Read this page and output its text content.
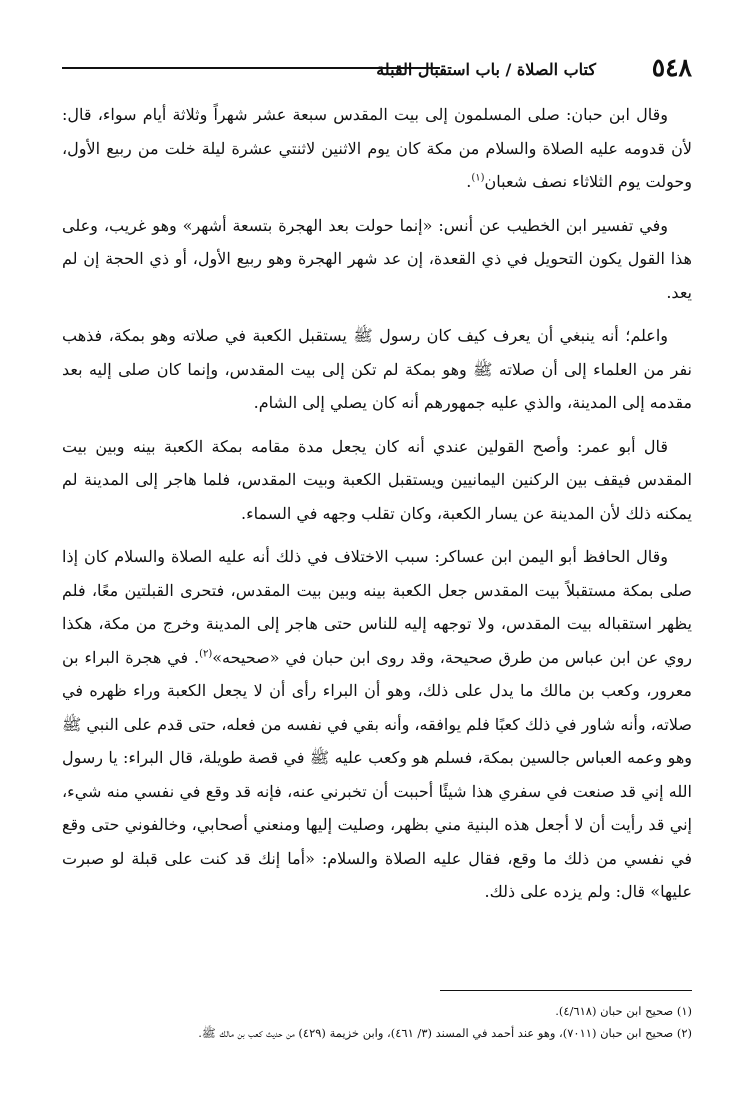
٥٤٨
كتاب الصلاة / باب استقبال القبلة

وقال ابن حبان: صلى المسلمون إلى بيت المقدس سبعة عشر شهراً وثلاثة أيام سواء، قال: لأن قدومه عليه الصلاة والسلام من مكة كان يوم الاثنين لاثنتي عشرة ليلة خلت من ربيع الأول، وحولت يوم الثلاثاء نصف شعبان$^{(١)}$.

وفي تفسير ابن الخطيب عن أنس: «إنما حولت بعد الهجرة بتسعة أشهر» وهو غريب، وعلى هذا القول يكون التحويل في ذي القعدة، إن عد شهر الهجرة وهو ربيع الأول، أو ذي الحجة إن لم يعد.

واعلم؛ أنه ينبغي أن يعرف كيف كان رسول ﷺ يستقبل الكعبة في صلاته وهو بمكة، فذهب نفر من العلماء إلى أن صلاته ﷺ وهو بمكة لم تكن إلى بيت المقدس، وإنما كان صلى إليه بعد مقدمه إلى المدينة، والذي عليه جمهورهم أنه كان يصلي إلى الشام.

قال أبو عمر: وأصح القولين عندي أنه كان يجعل مدة مقامه بمكة الكعبة بينه وبين بيت المقدس فيقف بين الركنين اليمانيين ويستقبل الكعبة وبيت المقدس، فلما هاجر إلى المدينة لم يمكنه ذلك لأن المدينة عن يسار الكعبة، وكان تقلب وجهه في السماء.

وقال الحافظ أبو اليمن ابن عساكر: سبب الاختلاف في ذلك أنه عليه الصلاة والسلام كان إذا صلى بمكة مستقبلاً بيت المقدس جعل الكعبة بينه وبين بيت المقدس، فتحرى القبلتين معًا، فلم يظهر استقباله بيت المقدس، ولا توجهه إليه للناس حتى هاجر إلى المدينة وخرج من مكة، هكذا روي عن ابن عباس من طرق صحيحة، وقد روى ابن حبان في «صحيحه»$^{(٢)}$. في هجرة البراء بن معرور، وكعب بن مالك ما يدل على ذلك، وهو أن البراء رأى أن لا يجعل الكعبة وراء ظهره في صلاته، وأنه شاور في ذلك كعبًا فلم يوافقه، وأنه بقي في نفسه من فعله، حتى قدم على النبي ﷺ وهو وعمه العباس جالسين بمكة، فسلم هو وكعب عليه ﷺ في قصة طويلة، قال البراء: يا رسول الله إني قد صنعت في سفري هذا شيئًا أحببت أن تخبرني عنه، فإنه قد وقع في نفسي منه شيء، إني قد رأيت أن لا أجعل هذه البنية مني بظهر، وصليت إليها ومنعني أصحابي، وخالفوني حتى وقع في نفسي من ذلك ما وقع، فقال عليه الصلاة والسلام: «أما إنك قد كنت على قبلة لو صبرت عليها» قال: ولم يزده على ذلك.

(١) صحيح ابن حبان (٤/٦١٨).
(٢) صحيح ابن حبان (٧٠١١)، وهو عند أحمد في المسند (٣/ ٤٦١)، وابن خزيمة (٤٢٩) من حديث كعب بن مالك ﷺ.
